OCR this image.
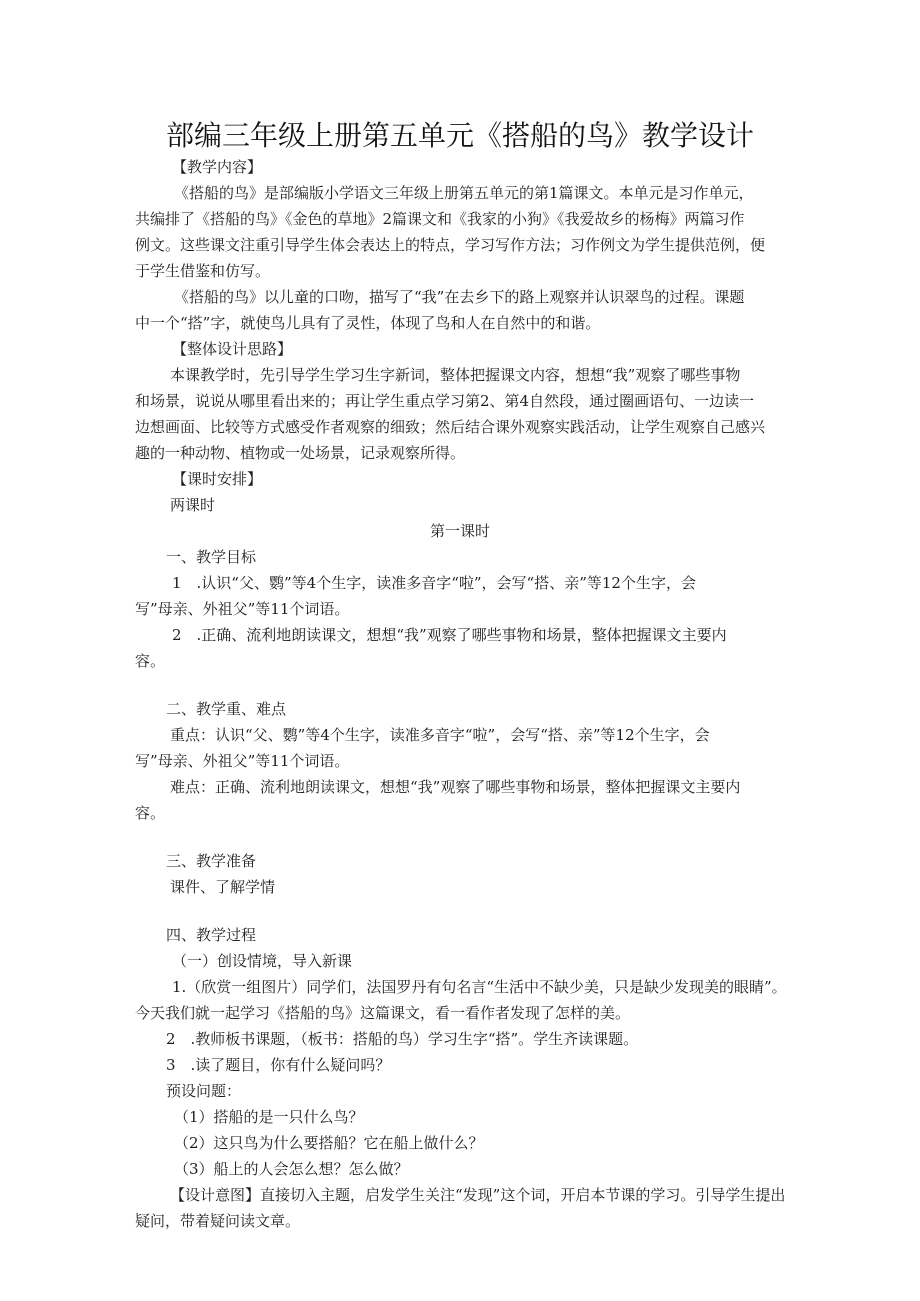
部编三年级上册第五单元《搭船的鸟》教学设计
【教学内容】
《搭船的鸟》是部编版小学语文三年级上册第五单元的第1篇课文。本单元是习作单元，
共编排了《搭船的鸟》《金色的草地》2篇课文和《我家的小狗》《我爱故乡的杨梅》两篇习作
例文。这些课文注重引导学生体会表达上的特点，学习写作方法；习作例文为学生提供范例，便
于学生借鉴和仿写。
《搭船的鸟》以儿童的口吻，描写了“我”在去乡下的路上观察并认识翠鸟的过程。课题
中一个“搭”字，就使鸟儿具有了灵性，体现了鸟和人在自然中的和谐。
【整体设计思路】
本课教学时，先引导学生学习生字新词，整体把握课文内容，想想“我”观察了哪些事物
和场景，说说从哪里看出来的；再让学生重点学习第2、第4自然段，通过圈画语句、一边读一
边想画面、比较等方式感受作者观察的细致；然后结合课外观察实践活动，让学生观察自己感兴
趣的一种动物、植物或一处场景，记录观察所得。
【课时安排】
两课时
第一课时
一、教学目标
1　.认识“父、鹦”等4个生字，读准多音字“啦”，会写“搭、亲”等12个生字，会
写”母亲、外祖父”等11个词语。
2　.正确、流利地朗读课文，想想“我”观察了哪些事物和场景，整体把握课文主要内
容。
二、教学重、难点
重点：认识“父、鹦”等4个生字，读准多音字“啦”，会写“搭、亲”等12个生字，会
写”母亲、外祖父”等11个词语。
难点：正确、流利地朗读课文，想想“我”观察了哪些事物和场景，整体把握课文主要内
容。
三、教学准备
课件、了解学情
四、教学过程
（一）创设情境，导入新课
1.（欣赏一组图片）同学们，法国罗丹有句名言“生活中不缺少美，只是缺少发现美的眼睛”。
今天我们就一起学习《搭船的鸟》这篇课文，看一看作者发现了怎样的美。
2　.教师板书课题，（板书：搭船的鸟）学习生字“搭”。学生齐读课题。
3　.读了题目，你有什么疑问吗？
预设问题：
（1）搭船的是一只什么鸟？
（2）这只鸟为什么要搭船？它在船上做什么？
（3）船上的人会怎么想？怎么做？
【设计意图】直接切入主题，启发学生关注“发现”这个词，开启本节课的学习。引导学生提出
疑问，带着疑问读文章。
